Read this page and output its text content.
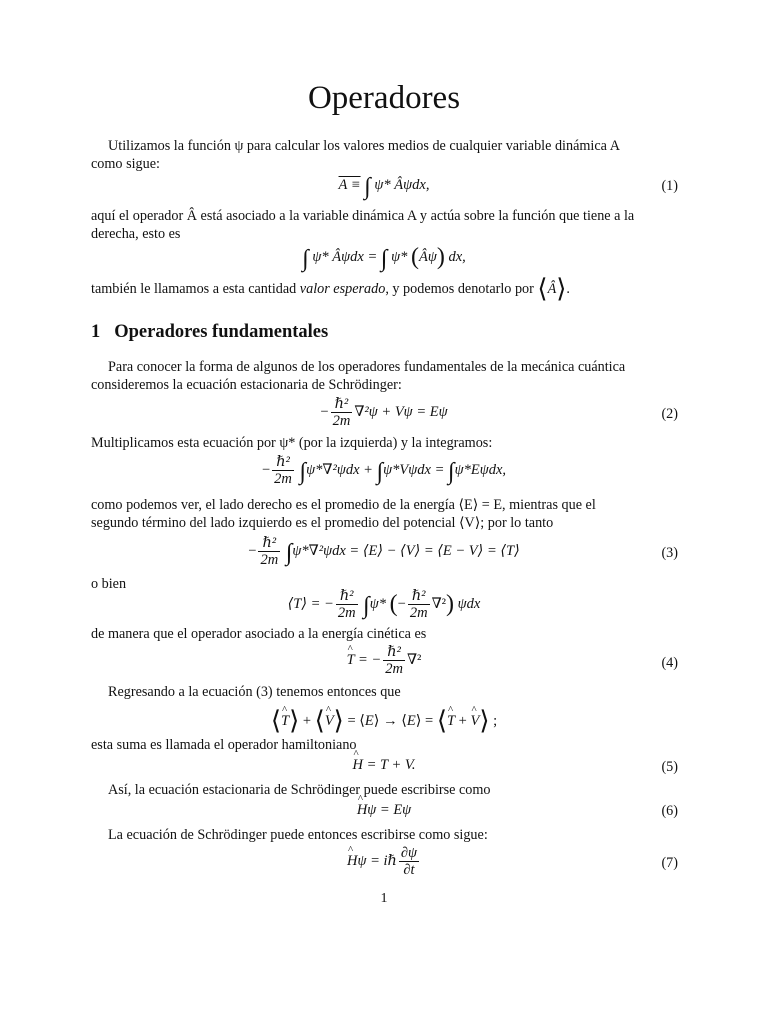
Operadores
Utilizamos la función ψ para calcular los valores medios de cualquier variable dinámica A
como sigue:
A ≡ ∫ ψ* Âψdx,	(1)
aquí el operador Â está asociado a la variable dinámica A y actúa sobre la función que tiene a la
derecha, esto es
∫ ψ* Âψdx = ∫ ψ* (Âψ) dx,
también le llamamos a esta cantidad valor esperado, y podemos denotarlo por ⟨Â⟩.
1 Operadores fundamentales
Para conocer la forma de algunos de los operadores fundamentales de la mecánica cuántica
consideremos la ecuación estacionaria de Schrödinger:
− $\frac{\text{ℏ²}}{2m} \nabla^2\psi + V\psi = E\psi$	(2)
Multiplicamos esta ecuación por ψ* (por la izquierda) y la integramos:
− $\frac{\text{ℏ²}}{2m} \int\psi*\nabla^2\psi dx + \int\psi*V\psi dx = \int\psi*E\psi dx$,
como podemos ver, el lado derecho es el promedio de la energía ⟨E⟩ = E, mientras que el
segundo término del lado izquierdo es el promedio del potencial ⟨V⟩; por lo tanto
− $\frac{\text{ℏ²}}{2m} \int\psi*\nabla^2\psi dx$ = ⟨E⟩ − ⟨V⟩ = ⟨E − V⟩ = ⟨T⟩	(3)
o bien
⟨T⟩ = − $\frac{\text{ℏ²}}{2m} \int\psi*$ (− $\frac{\text{ℏ²}}{2m} \nabla^2$) ψdx
de manera que el operador asociado a la energía cinética es
^ T = − $\frac{\text{ℏ²}}{2m} \nabla^2$	(4)
Regresando a la ecuación (3) tenemos entonces que
⟨^ T⟩ + ⟨^ V⟩ = ⟨E⟩ → ⟨E⟩ = ⟨^ T + ^ V⟩ ;
esta suma es llamada el operador hamiltoniano
^ H = T + V.	(5)
Así, la ecuación estacionaria de Schrödinger puede escribirse como
^ Hψ = Eψ	(6)
La ecuación de Schrödinger puede entonces escribirse como sigue:
^ Hψ = iℏ $\frac{\partial\psi}{\partial t}$	(7)
1
